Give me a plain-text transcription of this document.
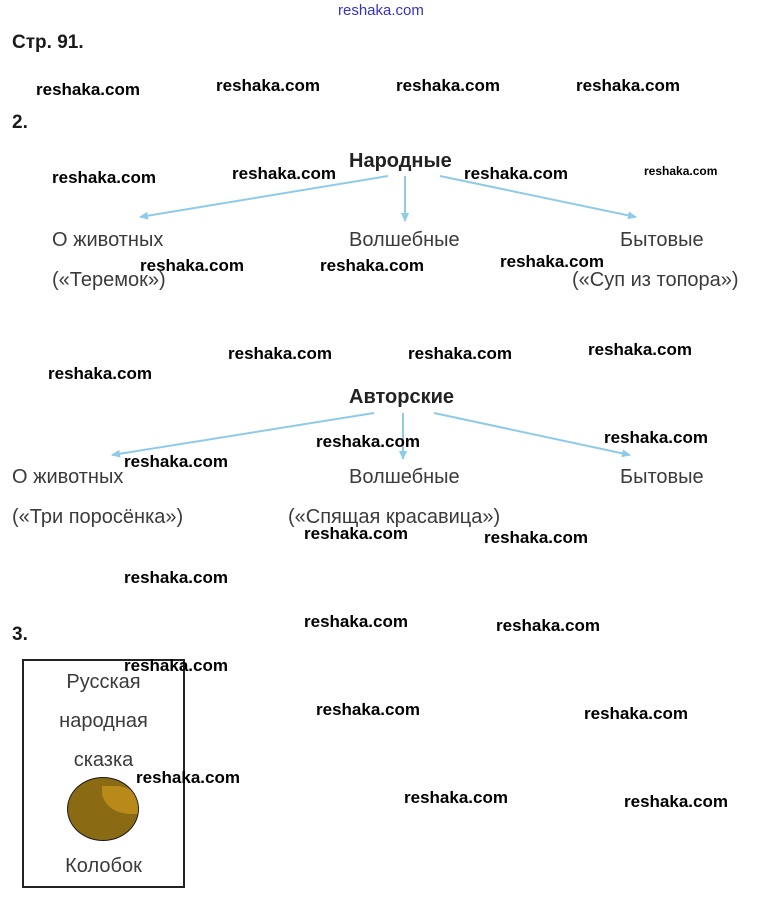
reshaka.com
Стр. 91.
2.
Народные
О животных
(«Теремок»)
Волшебные	Бытовые
(«Суп из топора»)
Авторские
О животных
(«Три поросёнка»)
Волшебные
(«Спящая красавица»)
Бытовые
3.
Русская
народная
сказка
Колобок
reshaka.com	reshaka.com	reshaka.com	reshaka.com
reshaka.com	reshaka.com	reshaka.com	reshaka.com
reshaka.com	reshaka.com	reshaka.com
reshaka.com	reshaka.com	reshaka.com
reshaka.com
reshaka.com	reshaka.com
reshaka.com
reshaka.com	reshaka.com
reshaka.com
reshaka.com	reshaka.com
reshaka.com
reshaka.com	reshaka.com
reshaka.com
reshaka.com	reshaka.com
